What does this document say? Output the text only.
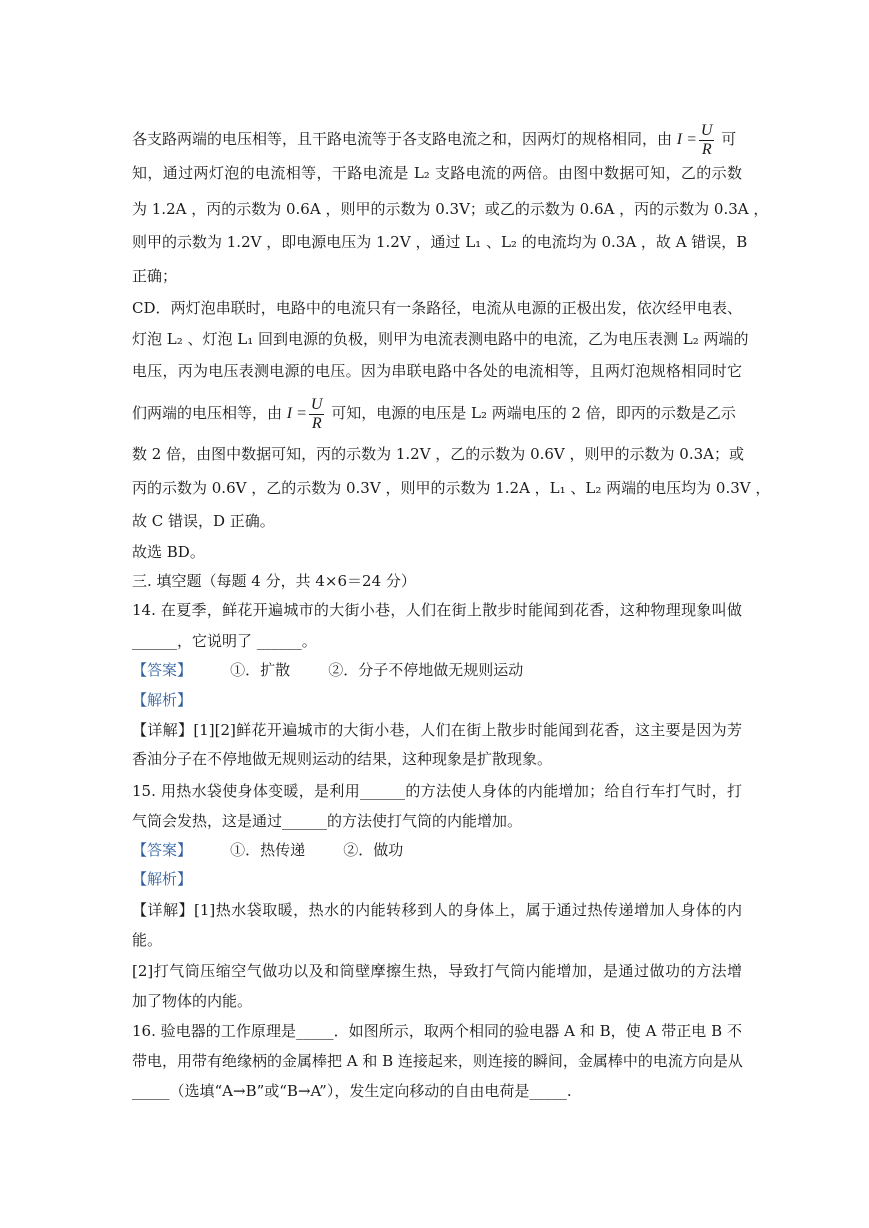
各支路两端的电压相等，且干路电流等于各支路电流之和，因两灯的规格相同，由 $I = \frac{U}{R}$ 可
知，通过两灯泡的电流相等，干路电流是 L₂ 支路电流的两倍。由图中数据可知，乙的示数
为 1.2A ，丙的示数为 0.6A ，则甲的示数为 0.3V；或乙的示数为 0.6A ，丙的示数为 0.3A ，
则甲的示数为 1.2V ，即电源电压为 1.2V ，通过 L₁ 、L₂ 的电流均为 0.3A ，故 A 错误，B
正确；
CD．两灯泡串联时，电路中的电流只有一条路径，电流从电源的正极出发，依次经甲电表、
灯泡 L₂ 、灯泡 L₁ 回到电源的负极，则甲为电流表测电路中的电流，乙为电压表测 L₂ 两端的
电压，丙为电压表测电源的电压。因为串联电路中各处的电流相等，且两灯泡规格相同时它
们两端的电压相等，由 $I = \frac{U}{R}$ 可知，电源的电压是 L₂ 两端电压的 2 倍，即丙的示数是乙示
数 2 倍，由图中数据可知，丙的示数为 1.2V ，乙的示数为 0.6V ，则甲的示数为 0.3A；或
丙的示数为 0.6V ，乙的示数为 0.3V ，则甲的示数为 1.2A ，L₁ 、L₂ 两端的电压均为 0.3V ，
故 C 错误，D 正确。
故选 BD。
三. 填空题（每题 4 分，共 4×6＝24 分）
14. 在夏季，鲜花开遍城市的大街小巷，人们在街上散步时能闻到花香，这种物理现象叫做
______，它说明了 ______。
【答案】        ①．扩散        ②．分子不停地做无规则运动
【解析】
【详解】[1][2]鲜花开遍城市的大街小巷，人们在街上散步时能闻到花香，这主要是因为芳
香油分子在不停地做无规则运动的结果，这种现象是扩散现象。
15. 用热水袋使身体变暖，是利用______的方法使人身体的内能增加；给自行车打气时，打
气筒会发热，这是通过______的方法使打气筒的内能增加。
【答案】        ①．热传递        ②．做功
【解析】
【详解】[1]热水袋取暖，热水的内能转移到人的身体上，属于通过热传递增加人身体的内
能。
[2]打气筒压缩空气做功以及和筒壁摩擦生热，导致打气筒内能增加，是通过做功的方法增
加了物体的内能。
16. 验电器的工作原理是_____．如图所示，取两个相同的验电器 A 和 B，使 A 带正电 B 不
带电，用带有绝缘柄的金属棒把 A 和 B 连接起来，则连接的瞬间，金属棒中的电流方向是从
_____（选填“A→B”或“B→A”），发生定向移动的自由电荷是_____.
